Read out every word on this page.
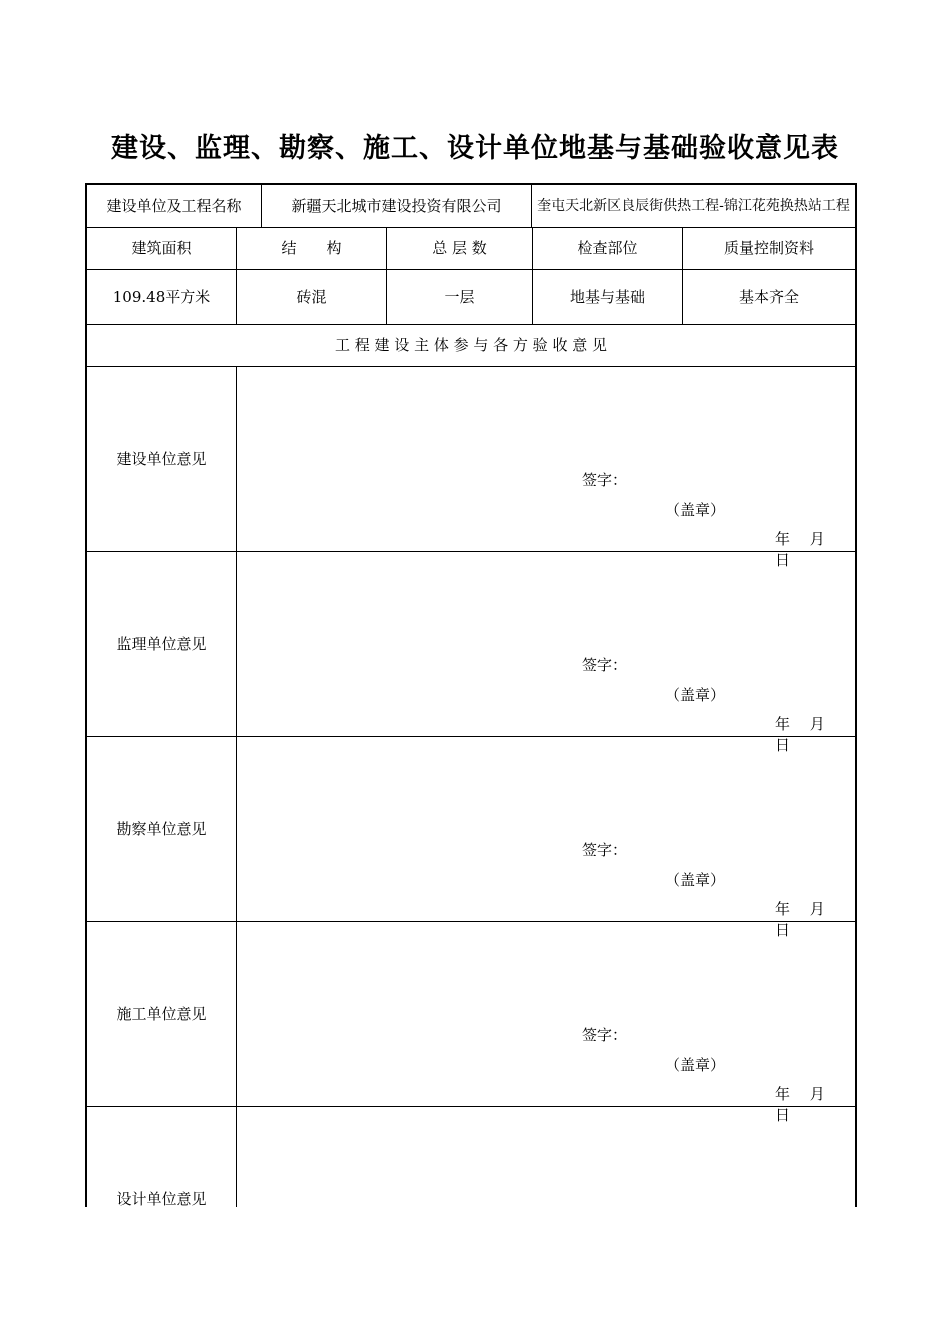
建设、监理、勘察、施工、设计单位地基与基础验收意见表
建设单位及工程名称	新疆天北城市建设投资有限公司	奎屯天北新区良辰街供热工程-锦江花苑换热站工程
建筑面积	结　　构	总 层 数	检查部位	质量控制资料
109.48平方米	砖混	一层	地基与基础	基本齐全
工 程 建 设 主 体 参 与 各 方 验 收 意 见
建设单位意见
签字：
（盖章）
年　 月　 日
监理单位意见
签字：
（盖章）
年　 月　 日
勘察单位意见
签字：
（盖章）
年　 月　 日
施工单位意见
签字：
（盖章）
年　 月　 日
设计单位意见
